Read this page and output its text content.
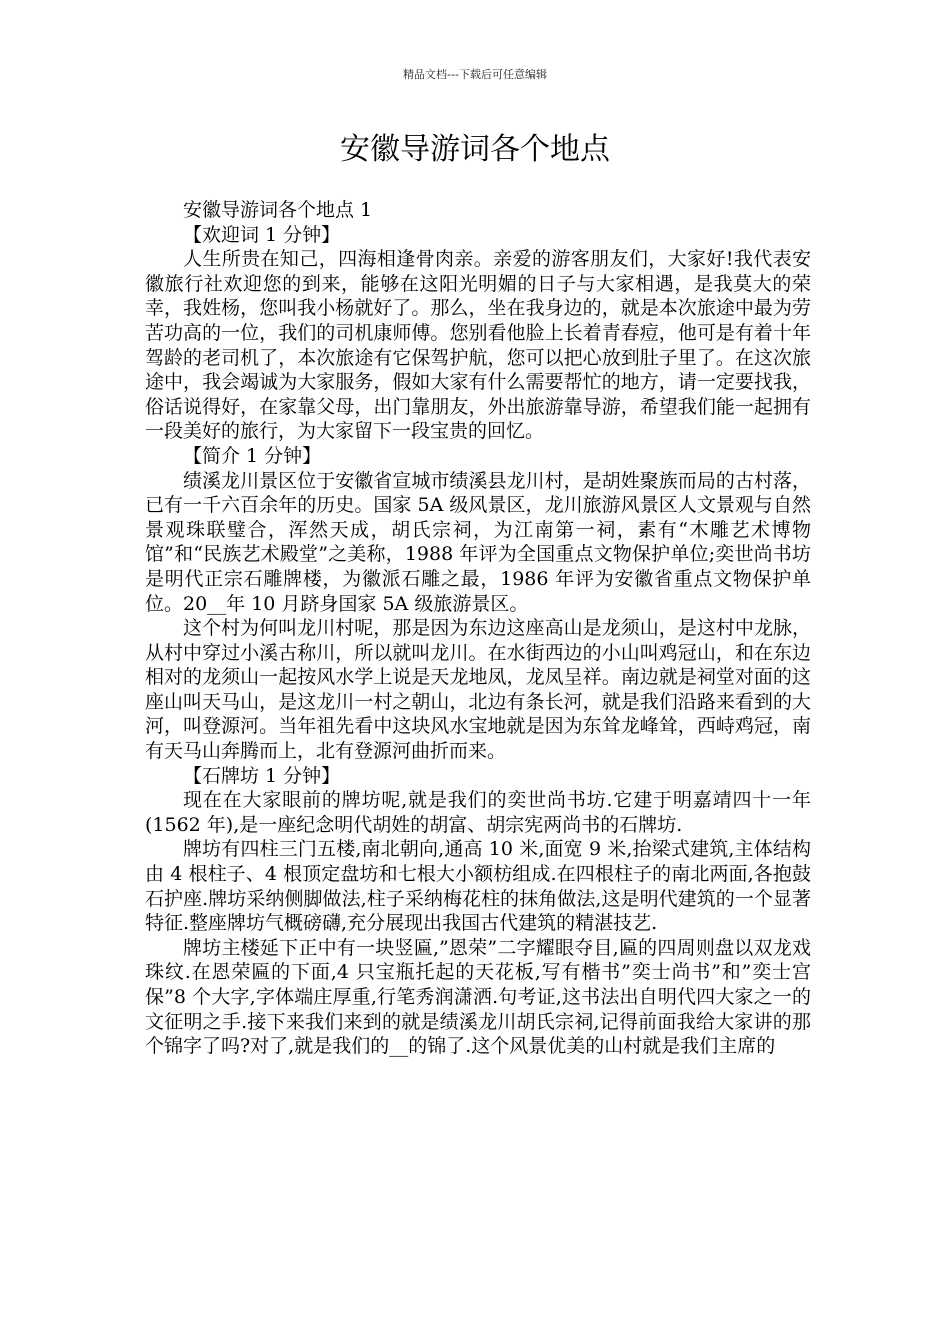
精品文档---下载后可任意编辑
安徽导游词各个地点

安徽导游词各个地点 1

【欢迎词 1 分钟】

人生所贵在知己，四海相逢骨肉亲。亲爱的游客朋友们，大家好!我代表安徽旅行社欢迎您的到来，能够在这阳光明媚的日子与大家相遇，是我莫大的荣幸，我姓杨，您叫我小杨就好了。那么，坐在我身边的，就是本次旅途中最为劳苦功高的一位，我们的司机康师傅。您别看他脸上长着青春痘，他可是有着十年驾龄的老司机了，本次旅途有它保驾护航，您可以把心放到肚子里了。在这次旅途中，我会竭诚为大家服务，假如大家有什么需要帮忙的地方，请一定要找我，俗话说得好，在家靠父母，出门靠朋友，外出旅游靠导游，希望我们能一起拥有一段美好的旅行，为大家留下一段宝贵的回忆。

【简介 1 分钟】

绩溪龙川景区位于安徽省宣城市绩溪县龙川村，是胡姓聚族而局的古村落，已有一千六百余年的历史。国家 5A 级风景区，龙川旅游风景区人文景观与自然景观珠联璧合，浑然天成，胡氏宗祠，为江南第一祠，素有“木雕艺术博物馆”和“民族艺术殿堂”之美称，1988 年评为全国重点文物保护单位;奕世尚书坊是明代正宗石雕牌楼，为徽派石雕之最，1986 年评为安徽省重点文物保护单位。20__年 10 月跻身国家 5A 级旅游景区。

这个村为何叫龙川村呢，那是因为东边这座高山是龙须山，是这村中龙脉，从村中穿过小溪古称川，所以就叫龙川。在水街西边的小山叫鸡冠山，和在东边相对的龙须山一起按风水学上说是天龙地凤，龙凤呈祥。南边就是祠堂对面的这座山叫天马山，是这龙川一村之朝山，北边有条长河，就是我们沿路来看到的大河，叫登源河。当年祖先看中这块风水宝地就是因为东耸龙峰耸，西峙鸡冠，南有天马山奔腾而上，北有登源河曲折而来。

【石牌坊 1 分钟】

现在在大家眼前的牌坊呢,就是我们的奕世尚书坊.它建于明嘉靖四十一年(1562 年),是一座纪念明代胡姓的胡富、胡宗宪两尚书的石牌坊.

牌坊有四柱三门五楼,南北朝向,通高 10 米,面宽 9 米,抬梁式建筑,主体结构由 4 根柱子、4 根顶定盘坊和七根大小额枋组成.在四根柱子的南北两面,各抱鼓石护座.牌坊采纳侧脚做法,柱子采纳梅花柱的抹角做法,这是明代建筑的一个显著特征.整座牌坊气概磅礴,充分展现出我国古代建筑的精湛技艺.

牌坊主楼延下正中有一块竖匾,”恩荣”二字耀眼夺目,匾的四周则盘以双龙戏珠纹.在恩荣匾的下面,4 只宝瓶托起的天花板,写有楷书”奕士尚书”和”奕士宫保”8 个大字,字体端庄厚重,行笔秀润潇洒.句考证,这书法出自明代四大家之一的文征明之手.接下来我们来到的就是绩溪龙川胡氏宗祠,记得前面我给大家讲的那个锦字了吗?对了,就是我们的__的锦了.这个风景优美的山村就是我们主席的
